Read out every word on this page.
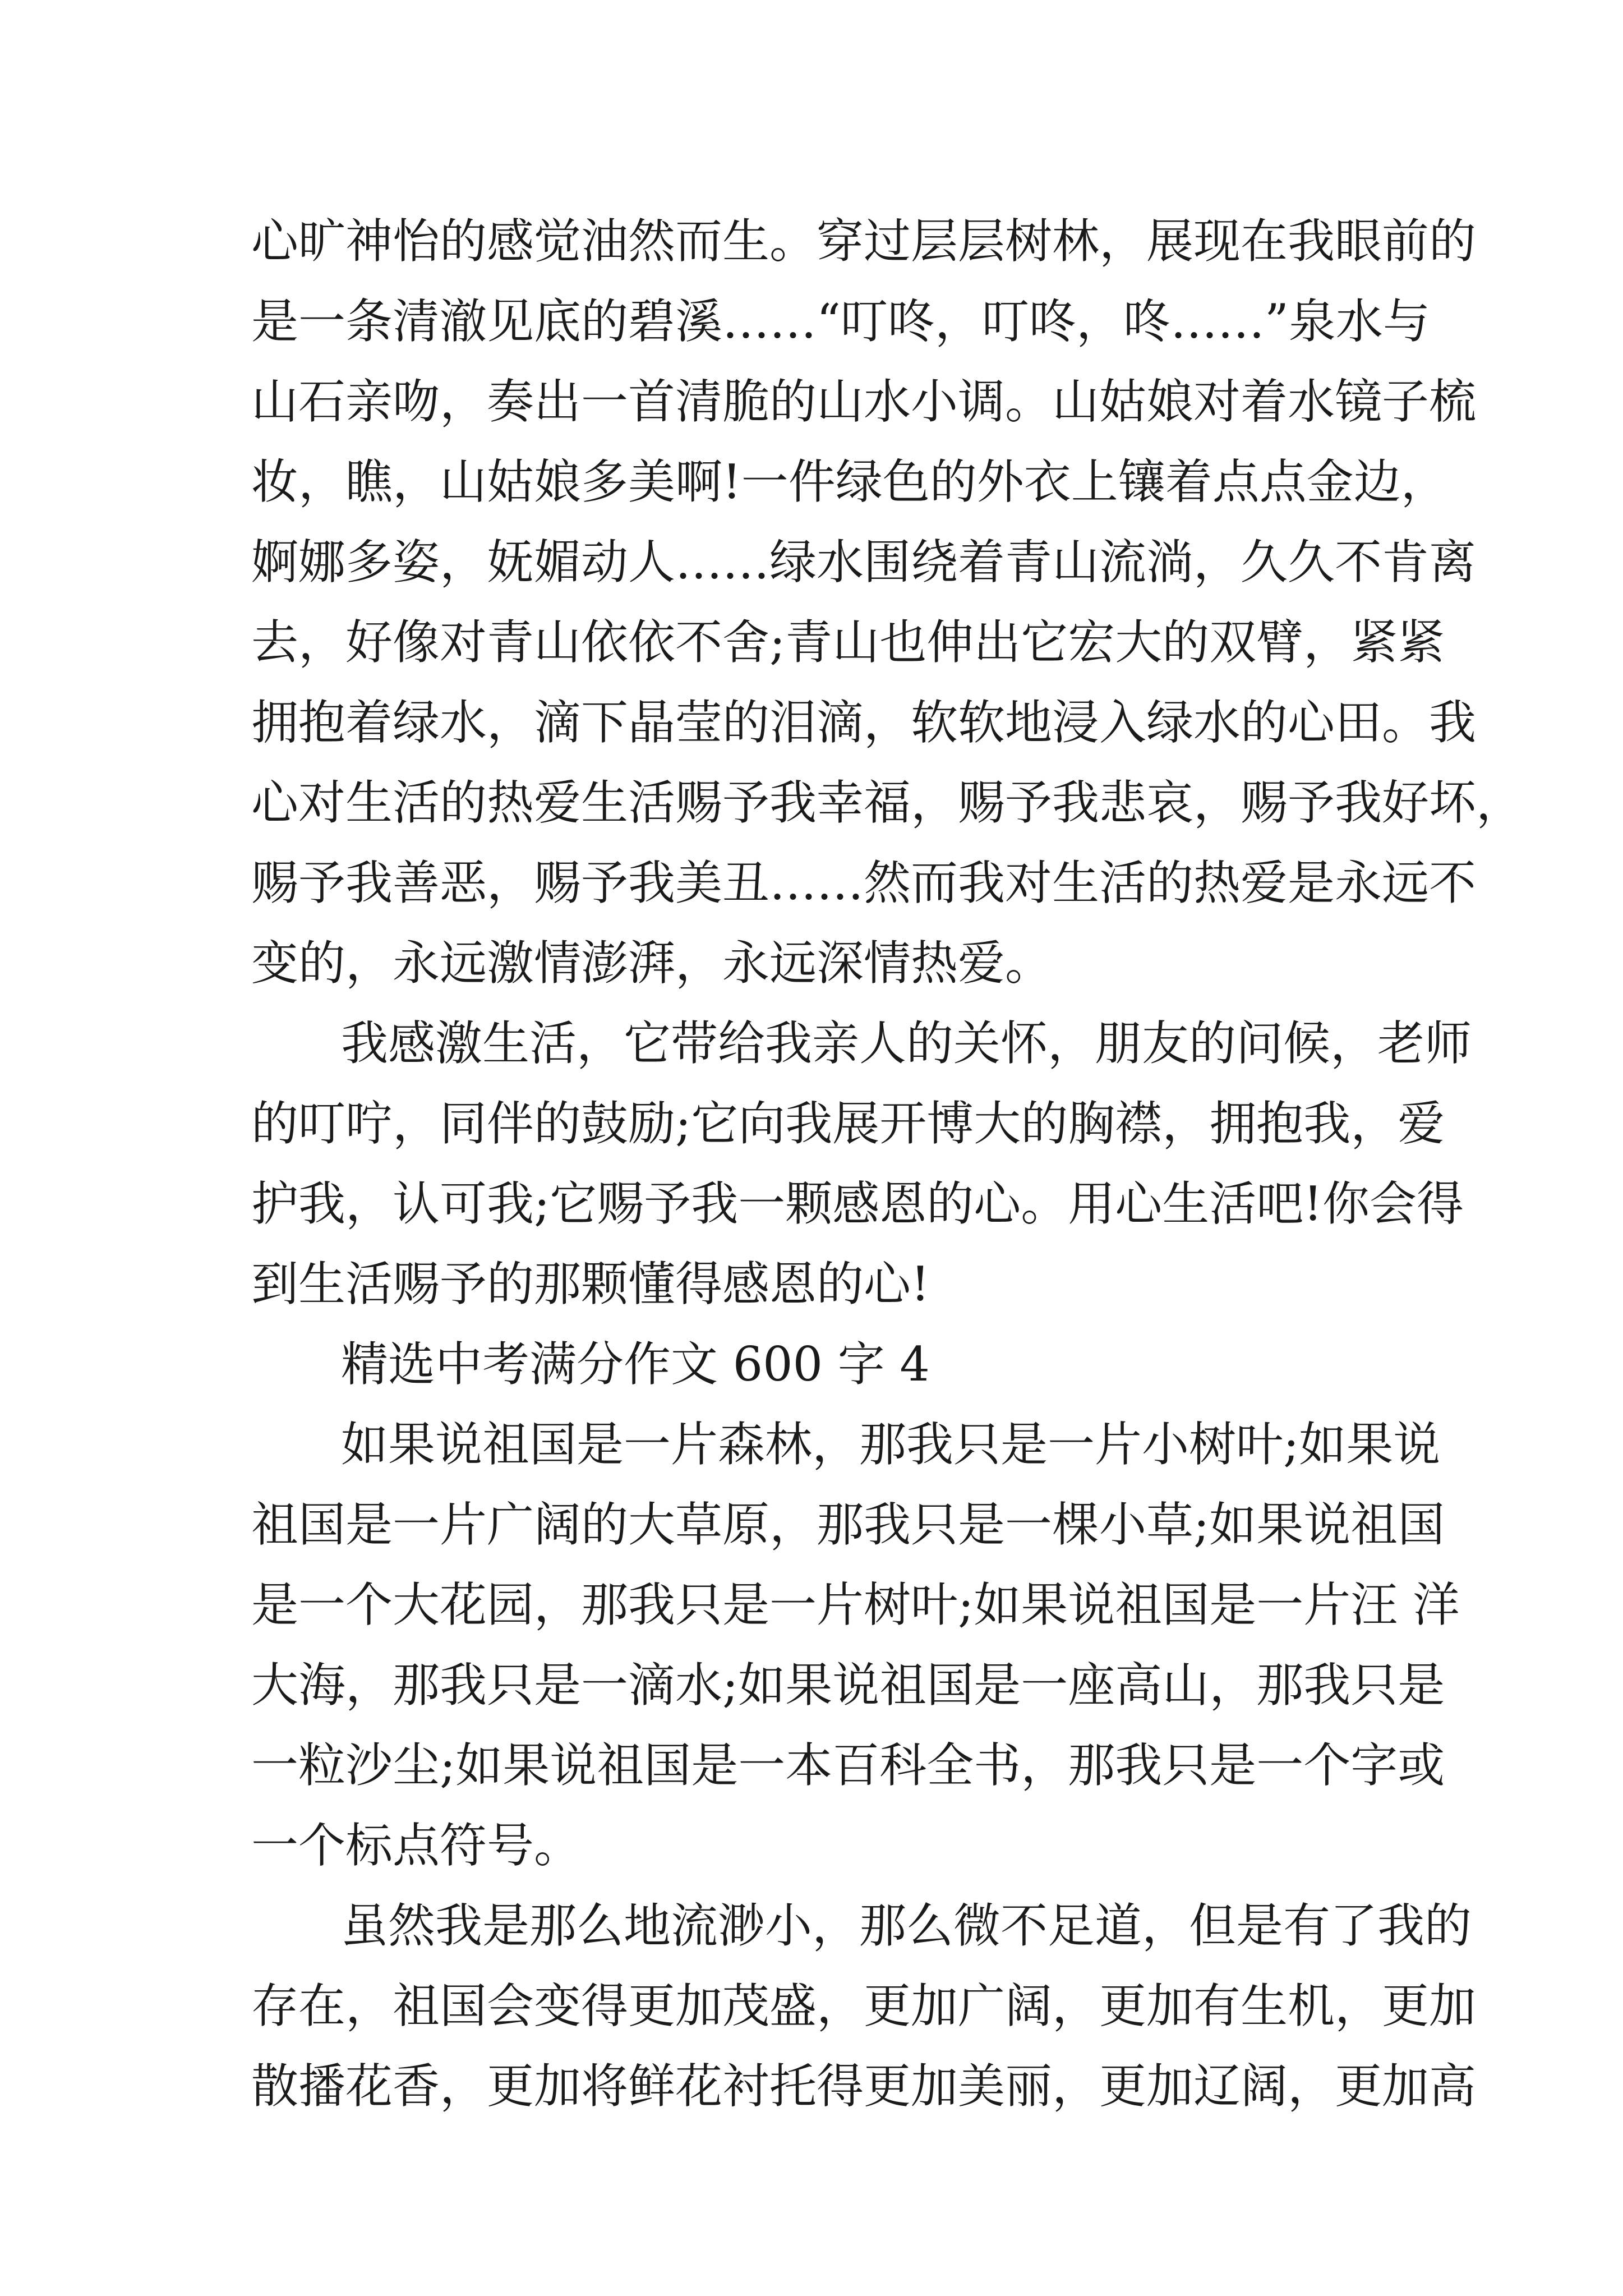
心旷神怡的感觉油然而生。穿过层层树林，展现在我眼前的
是一条清澈见底的碧溪……“叮咚，叮咚，咚……”泉水与
山石亲吻，奏出一首清脆的山水小调。山姑娘对着水镜子梳
妆，瞧，山姑娘多美啊!一件绿色的外衣上镶着点点金边，
婀娜多姿，妩媚动人……绿水围绕着青山流淌，久久不肯离
去，好像对青山依依不舍;青山也伸出它宏大的双臂，紧紧
拥抱着绿水，滴下晶莹的泪滴，软软地浸入绿水的心田。我
心对生活的热爱生活赐予我幸福，赐予我悲哀，赐予我好坏，
赐予我善恶，赐予我美丑……然而我对生活的热爱是永远不
变的，永远激情澎湃，永远深情热爱。
我感激生活，它带给我亲人的关怀，朋友的问候，老师
的叮咛，同伴的鼓励;它向我展开博大的胸襟，拥抱我，爱
护我，认可我;它赐予我一颗感恩的心。用心生活吧!你会得
到生活赐予的那颗懂得感恩的心!
精选中考满分作文 600 字 4
如果说祖国是一片森林，那我只是一片小树叶;如果说
祖国是一片广阔的大草原，那我只是一棵小草;如果说祖国
是一个大花园，那我只是一片树叶;如果说祖国是一片汪 洋
大海，那我只是一滴水;如果说祖国是一座高山，那我只是
一粒沙尘;如果说祖国是一本百科全书，那我只是一个字或
一个标点符号。
虽然我是那么地流渺小，那么微不足道，但是有了我的
存在，祖国会变得更加茂盛，更加广阔，更加有生机，更加
散播花香，更加将鲜花衬托得更加美丽，更加辽阔，更加高
